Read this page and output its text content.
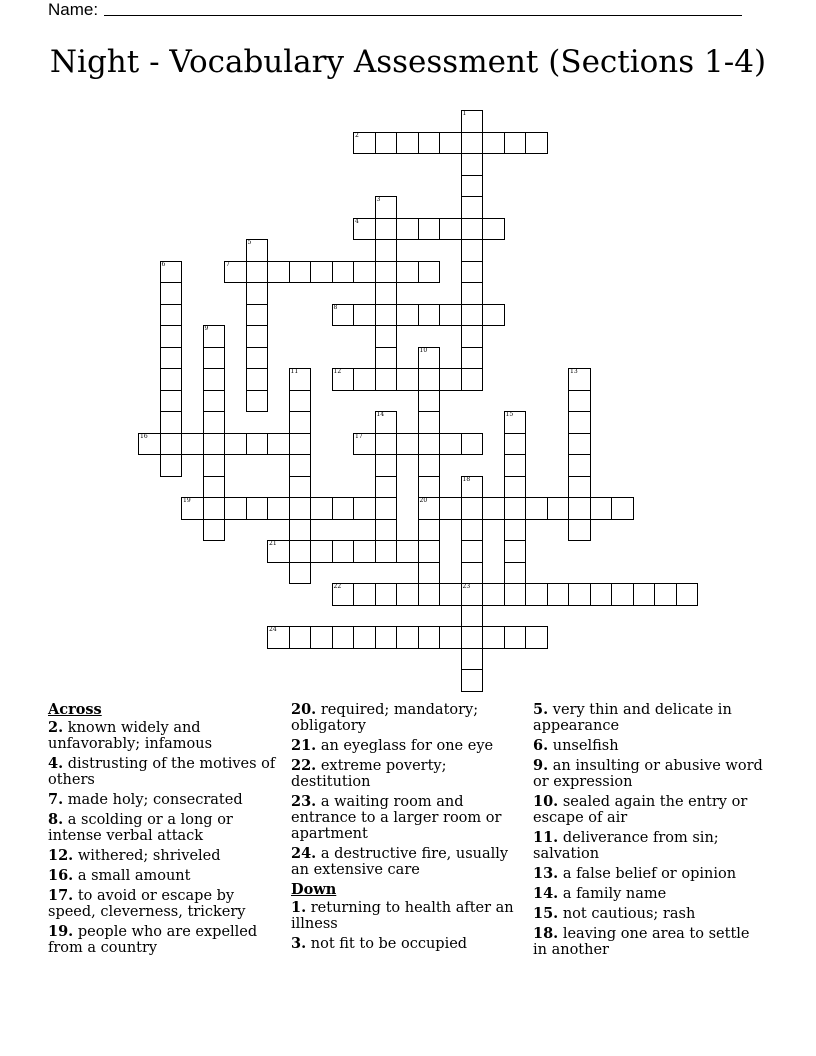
Name:
Night - Vocabulary Assessment (Sections 1-4)
1
2
3
4
5
6	7
8
9
10
20
11	12	13
14	15
16	17
18
23
19
21
22
24
Across
2. known widely and unfavorably; infamous
4. distrusting of the motives of others
7. made holy; consecrated
8. a scolding or a long or intense verbal attack
12. withered; shriveled
16. a small amount
17. to avoid or escape by speed, cleverness, trickery
19. people who are expelled from a country
20. required; mandatory; obligatory
21. an eyeglass for one eye
22. extreme poverty; destitution
23. a waiting room and entrance to a larger room or apartment
24. a destructive fire, usually an extensive care
Down
1. returning to health after an illness
3. not fit to be occupied
5. very thin and delicate in appearance
6. unselfish
9. an insulting or abusive word or expression
10. sealed again the entry or escape of air
11. deliverance from sin; salvation
13. a false belief or opinion
14. a family name
15. not cautious; rash
18. leaving one area to settle in another
